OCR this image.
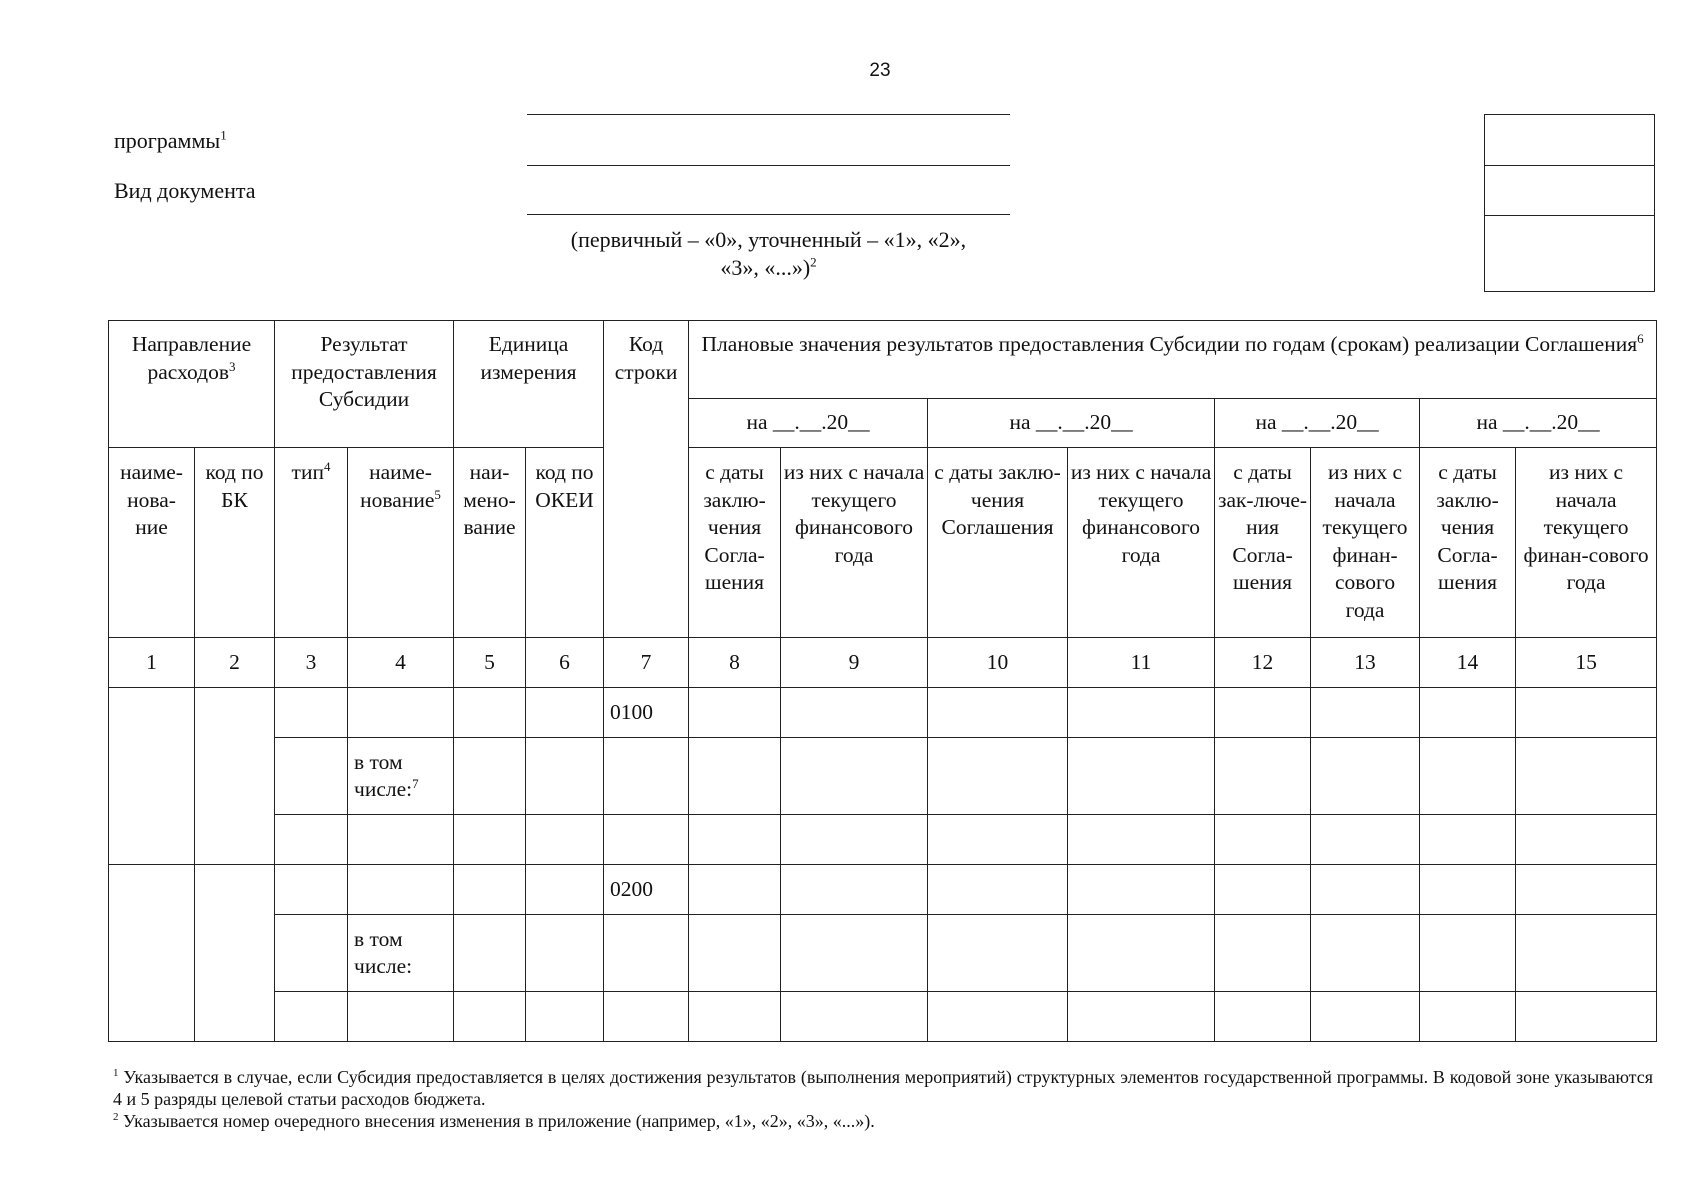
23
программы$^1$
Вид документа
(первичный – «0», уточненный – «1», «2»,
«3», «...»)$^2$
Направление расходов$^3$		Результат предоставления Субсидии		Единица измерения		Код строки	Плановые значения результатов предоставления Субсидии по годам (срокам) реализации Соглашения$^6$
							на __.__.20__		на __.__.20__		на __.__.20__		на __.__.20__	
наиме-нова-ние	код по БК	тип$^4$	наиме-нование$^5$	наи-мено-вание	код по ОКЕИ		с даты заклю-чения Согла-шения	из них с начала текущего финансового года	с даты заклю-чения Соглашения	из них с начала текущего финансового года	с даты зак-люче-ния Согла-шения	из них с начала текущего финан-сового года	с даты заклю-чения Согла-шения	из них с начала текущего финан-сового года
1	2	3	4	5	6	7	8	9	10	11	12	13	14	15
						0100								
			в том числе:$^7$											

						0200								
			в том числе:											

$^1$ Указывается в случае, если Субсидия предоставляется в целях достижения результатов (выполнения мероприятий) структурных элементов государственной программы. В кодовой зоне указываются 4 и 5 разряды целевой статьи расходов бюджета.

$^2$ Указывается номер очередного внесения изменения в приложение (например, «1», «2», «3», «...»).
